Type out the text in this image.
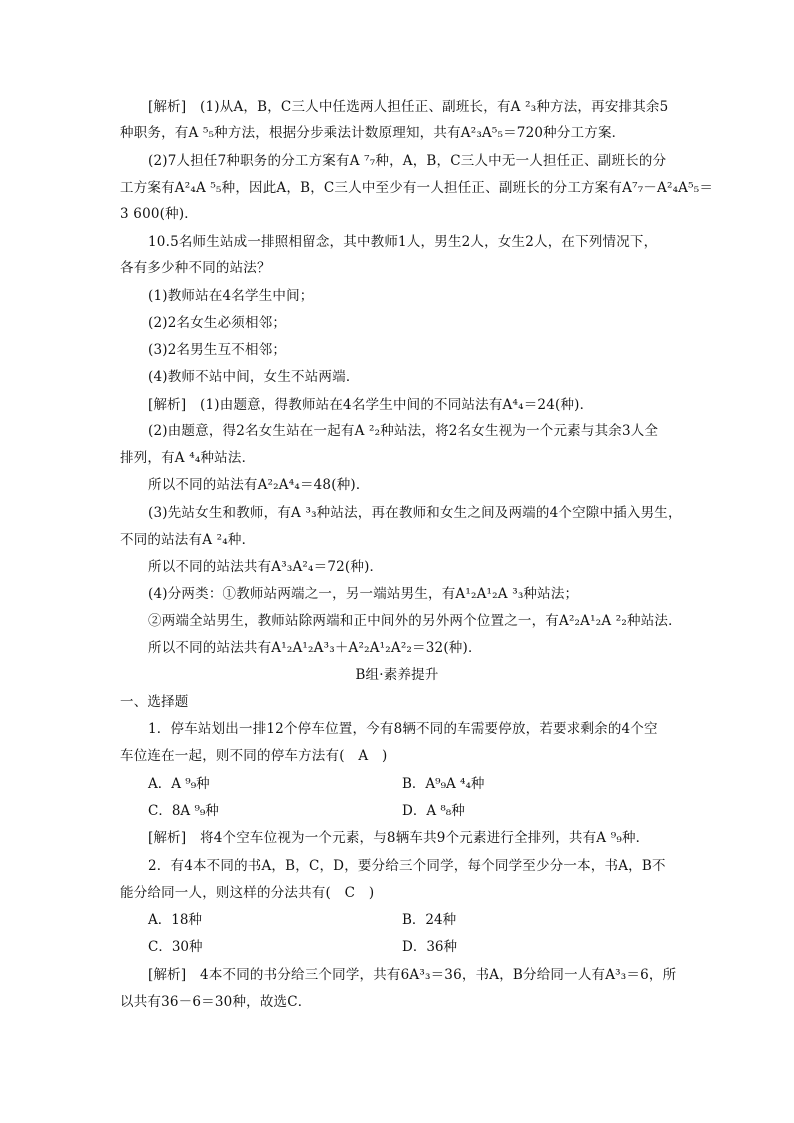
[解析]　(1)从A，B，C三人中任选两人担任正、副班长，有A ²₃种方法，再安排其余5
种职务，有A ⁵₅种方法，根据分步乘法计数原理知，共有A²₃A⁵₅＝720种分工方案．
(2)7人担任7种职务的分工方案有A ⁷₇种，A，B，C三人中无一人担任正、副班长的分
工方案有A²₄A ⁵₅种，因此A，B，C三人中至少有一人担任正、副班长的分工方案有A⁷₇－A²₄A⁵₅＝
3 600(种)．
10.5名师生站成一排照相留念，其中教师1人，男生2人，女生2人，在下列情况下，
各有多少种不同的站法？
(1)教师站在4名学生中间；
(2)2名女生必须相邻；
(3)2名男生互不相邻；
(4)教师不站中间，女生不站两端．
[解析]　(1)由题意，得教师站在4名学生中间的不同站法有A⁴₄＝24(种)．
(2)由题意，得2名女生站在一起有A ²₂种站法，将2名女生视为一个元素与其余3人全
排列，有A ⁴₄种站法．
所以不同的站法有A²₂A⁴₄＝48(种)．
(3)先站女生和教师，有A ³₃种站法，再在教师和女生之间及两端的4个空隙中插入男生，
不同的站法有A ²₄种．
所以不同的站法共有A³₃A²₄＝72(种)．
(4)分两类：①教师站两端之一，另一端站男生，有A¹₂A¹₂A ³₃种站法；
②两端全站男生，教师站除两端和正中间外的另外两个位置之一，有A²₂A¹₂A ²₂种站法．
所以不同的站法共有A¹₂A¹₂A³₃＋A²₂A¹₂A²₂＝32(种)．
B组·素养提升
一、选择题
1．停车站划出一排12个停车位置，今有8辆不同的车需要停放，若要求剩余的4个空
车位连在一起，则不同的停车方法有(　A　)
A．A ⁹₉种	B．A⁹₉A ⁴₄种
C．8A ⁹₉种	D．A ⁸₈种
[解析]　将4个空车位视为一个元素，与8辆车共9个元素进行全排列，共有A ⁹₉种．
2．有4本不同的书A，B，C，D，要分给三个同学，每个同学至少分一本，书A，B不
能分给同一人，则这样的分法共有(　C　)
A．18种	B．24种
C．30种	D．36种
[解析]　4本不同的书分给三个同学，共有6A³₃＝36，书A，B分给同一人有A³₃＝6，所
以共有36－6＝30种，故选C．
